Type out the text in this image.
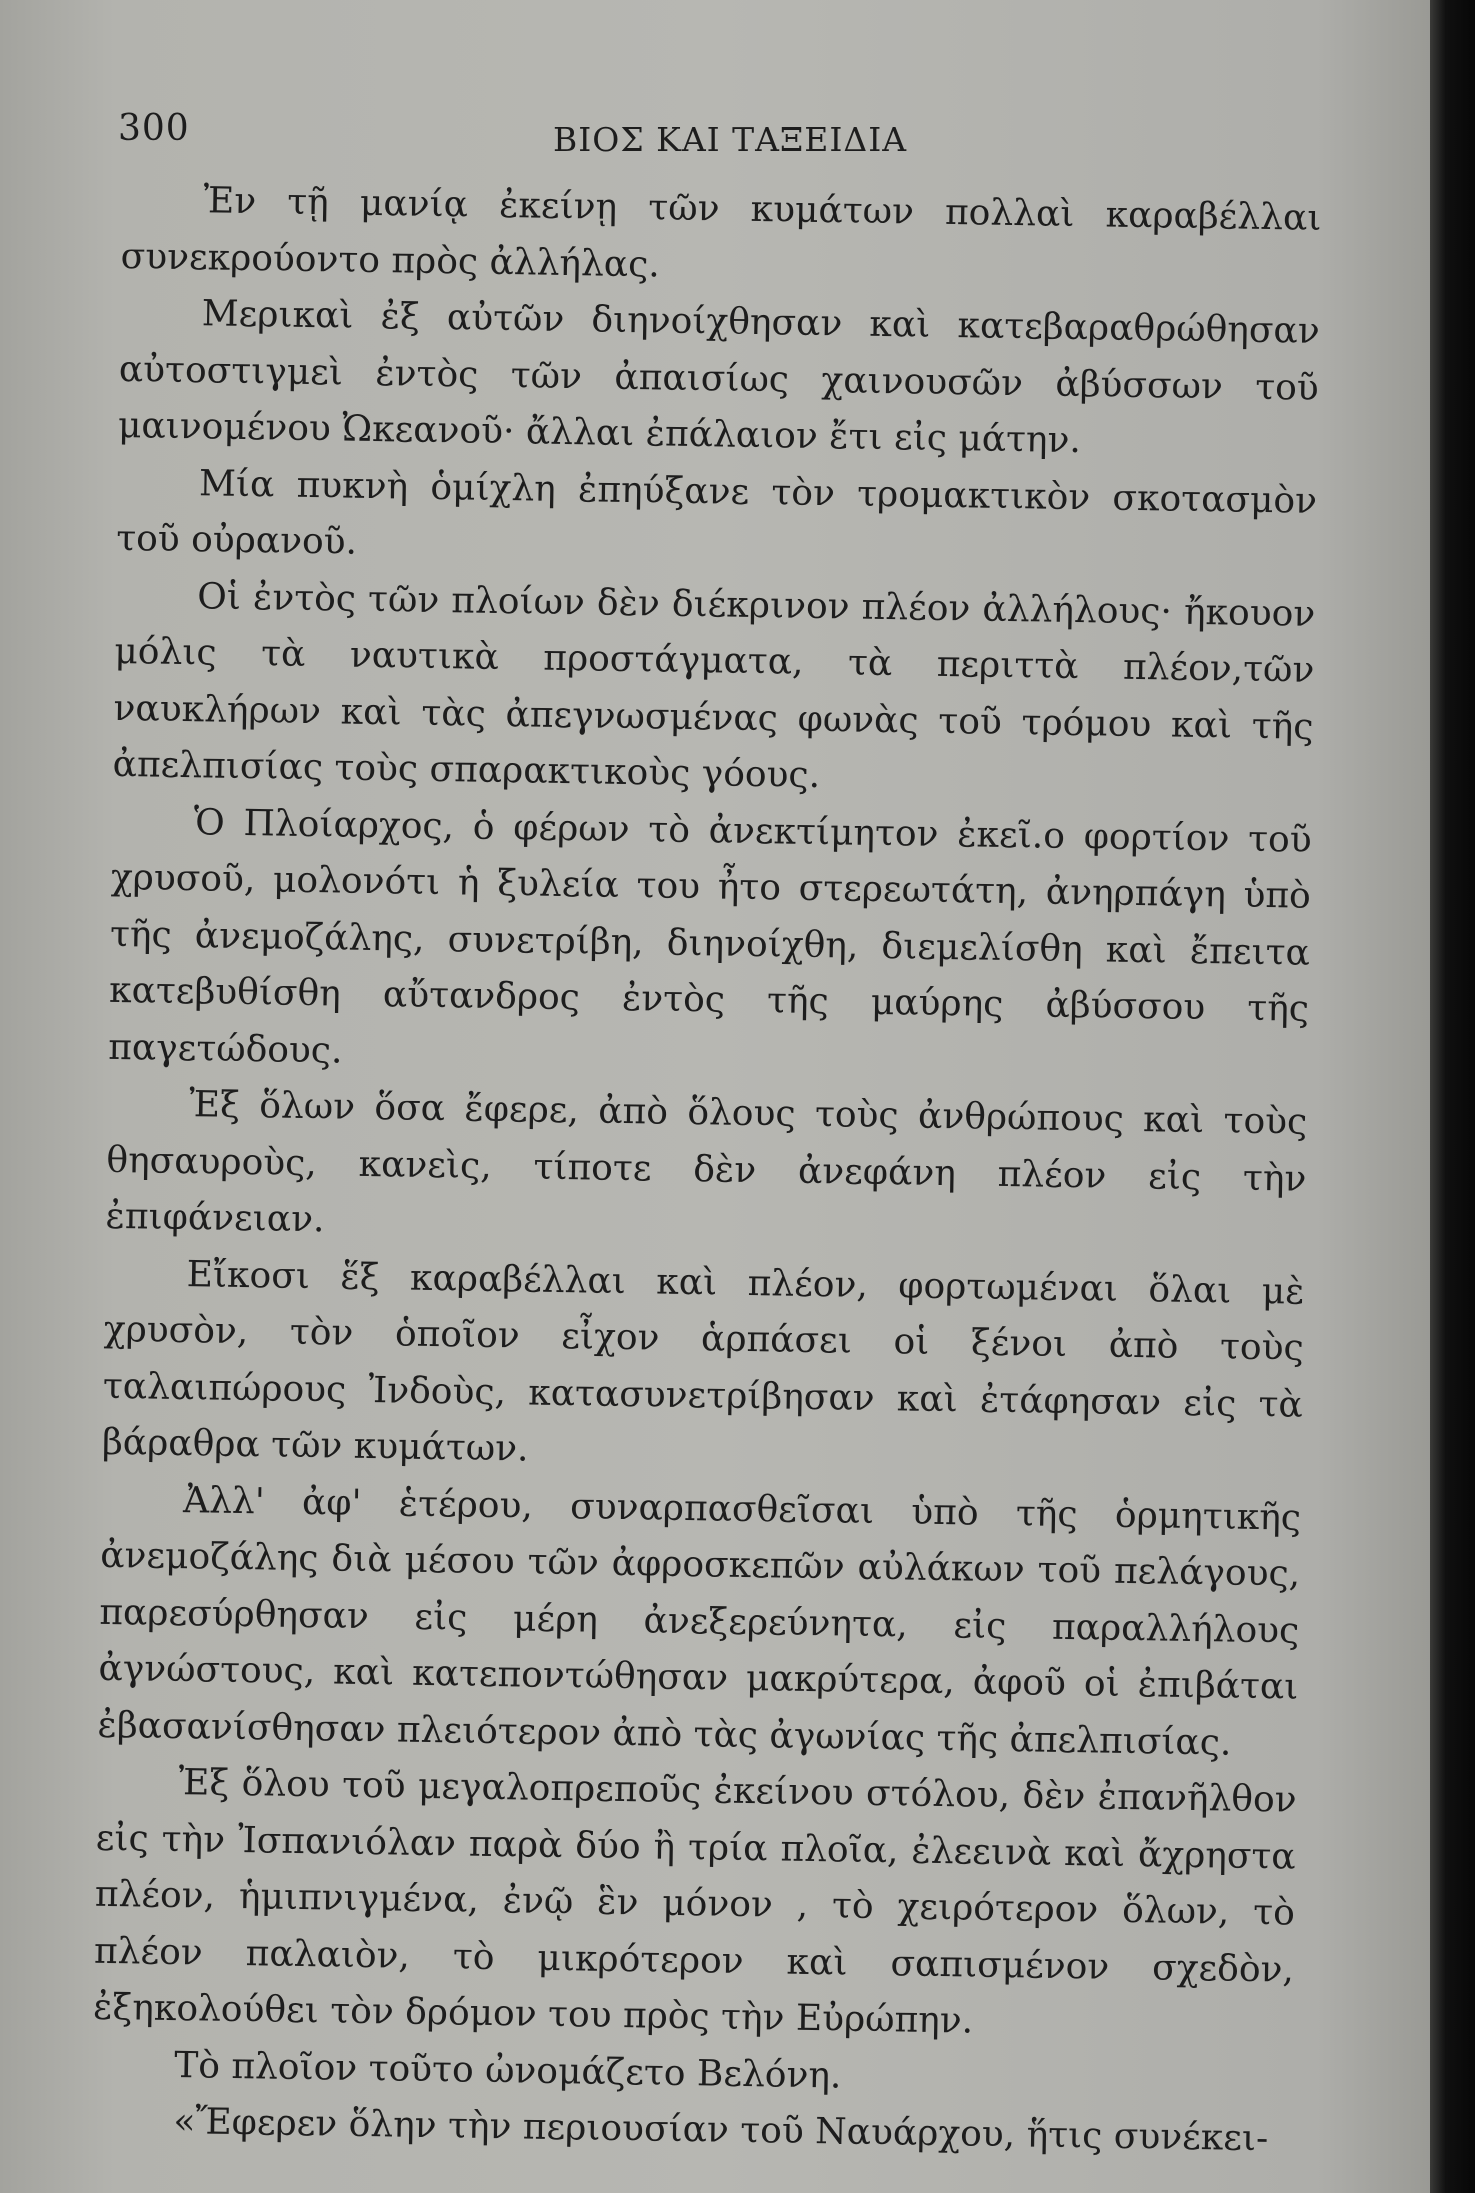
300	ΒΙΟΣ ΚΑΙ ΤΑΞΕΙΔΙΑ

Ἐν τῇ μανίᾳ ἐκείνῃ τῶν κυμάτων πολλαὶ καραβέλλαι συνεκρούοντο πρὸς ἀλλήλας.

Μερικαὶ ἐξ αὐτῶν διηνοίχθησαν καὶ κατεβαραθρώθησαν αὐτοστιγμεὶ ἐντὸς τῶν ἀπαισίως χαινουσῶν ἀβύσσων τοῦ μαινομένου Ὠκεανοῦ· ἄλλαι ἐπάλαιον ἔτι εἰς μάτην.

Μία πυκνὴ ὁμίχλη ἐπηύξανε τὸν τρομακτικὸν σκοτασμὸν τοῦ οὐρανοῦ.

Οἱ ἐντὸς τῶν πλοίων δὲν διέκρινον πλέον ἀλλήλους· ἤκουον μόλις τὰ ναυτικὰ προστάγματα, τὰ περιττὰ πλέον,τῶν ναυκλήρων καὶ τὰς ἀπεγνωσμένας φωνὰς τοῦ τρόμου καὶ τῆς ἀπελπισίας τοὺς σπαρακτικοὺς γόους.

Ὁ Πλοίαρχος, ὁ φέρων τὸ ἀνεκτίμητον ἐκεῖ.ο φορτίον τοῦ χρυσοῦ, μολονότι ἡ ξυλεία του ἦτο στερεωτάτη, ἀνηρπάγη ὑπὸ τῆς ἀνεμοζάλης, συνετρίβη, διηνοίχθη, διεμελίσθη καὶ ἔπειτα κατεβυθίσθη αὔτανδρος ἐντὸς τῆς μαύρης ἀβύσσου τῆς παγετώδους.

Ἐξ ὅλων ὅσα ἔφερε, ἀπὸ ὅλους τοὺς ἀνθρώπους καὶ τοὺς θησαυροὺς, κανεὶς, τίποτε δὲν ἀνεφάνη πλέον εἰς τὴν ἐπιφάνειαν.

Εἴκοσι ἕξ καραβέλλαι καὶ πλέον, φορτωμέναι ὅλαι μὲ χρυσὸν, τὸν ὁποῖον εἶχον ἁρπάσει οἱ ξένοι ἀπὸ τοὺς ταλαιπώρους Ἰνδοὺς, κατασυνετρίβησαν καὶ ἐτάφησαν εἰς τὰ βάραθρα τῶν κυμάτων.

Ἀλλ' ἀφ' ἑτέρου, συναρπασθεῖσαι ὑπὸ τῆς ὁρμητικῆς ἀνεμοζάλης διὰ μέσου τῶν ἀφροσκεπῶν αὐλάκων τοῦ πελάγους, παρεσύρθησαν εἰς μέρη ἀνεξερεύνητα, εἰς παραλλήλους ἀγνώστους, καὶ κατεποντώθησαν μακρύτερα, ἀφοῦ οἱ ἐπιβάται ἐβασανίσθησαν πλειότερον ἀπὸ τὰς ἀγωνίας τῆς ἀπελπισίας.

Ἐξ ὅλου τοῦ μεγαλοπρεποῦς ἐκείνου στόλου, δὲν ἐπανῆλθον εἰς τὴν Ἰσπανιόλαν παρὰ δύο ἢ τρία πλοῖα, ἐλεεινὰ καὶ ἄχρηστα πλέον, ἡμιπνιγμένα, ἐνῷ ἓν μόνον , τὸ χειρότερον ὅλων, τὸ πλέον παλαιὸν, τὸ μικρότερον καὶ σαπισμένον σχεδὸν, ἐξηκολούθει τὸν δρόμον του πρὸς τὴν Εὐρώπην.

Τὸ πλοῖον τοῦτο ὠνομάζετο Βελόνη.

«Ἔφερεν ὅλην τὴν περιουσίαν τοῦ Ναυάρχου, ἥτις συνέκει-
